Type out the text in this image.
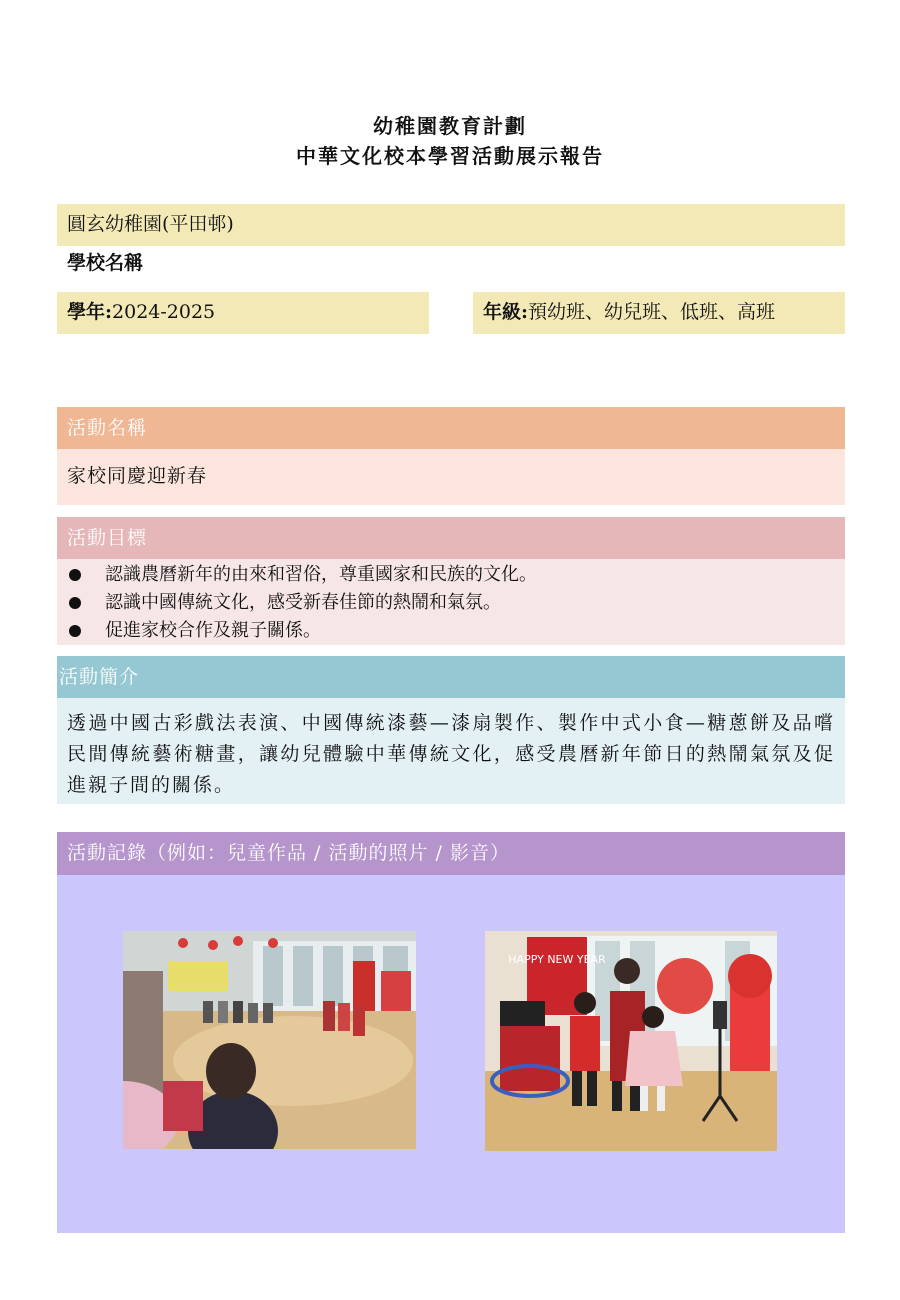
幼稚園教育計劃
中華文化校本學習活動展示報告
圓玄幼稚園(平田邨)
學校名稱
學年:2024-2025	年級:預幼班、幼兒班、低班、高班
活動名稱
家校同慶迎新春
活動目標
認識農曆新年的由來和習俗，尊重國家和民族的文化。
認識中國傳統文化，感受新春佳節的熱鬧和氣氛。
促進家校合作及親子關係。
活動簡介
透過中國古彩戲法表演、中國傳統漆藝—漆扇製作、製作中式小食—糖蔥餅及品嚐民間傳統藝術糖畫，讓幼兒體驗中華傳統文化，感受農曆新年節日的熱鬧氣氛及促進親子間的關係。
活動記錄（例如：兒童作品 / 活動的照片 / 影音）
HAPPY NEW YEAR
